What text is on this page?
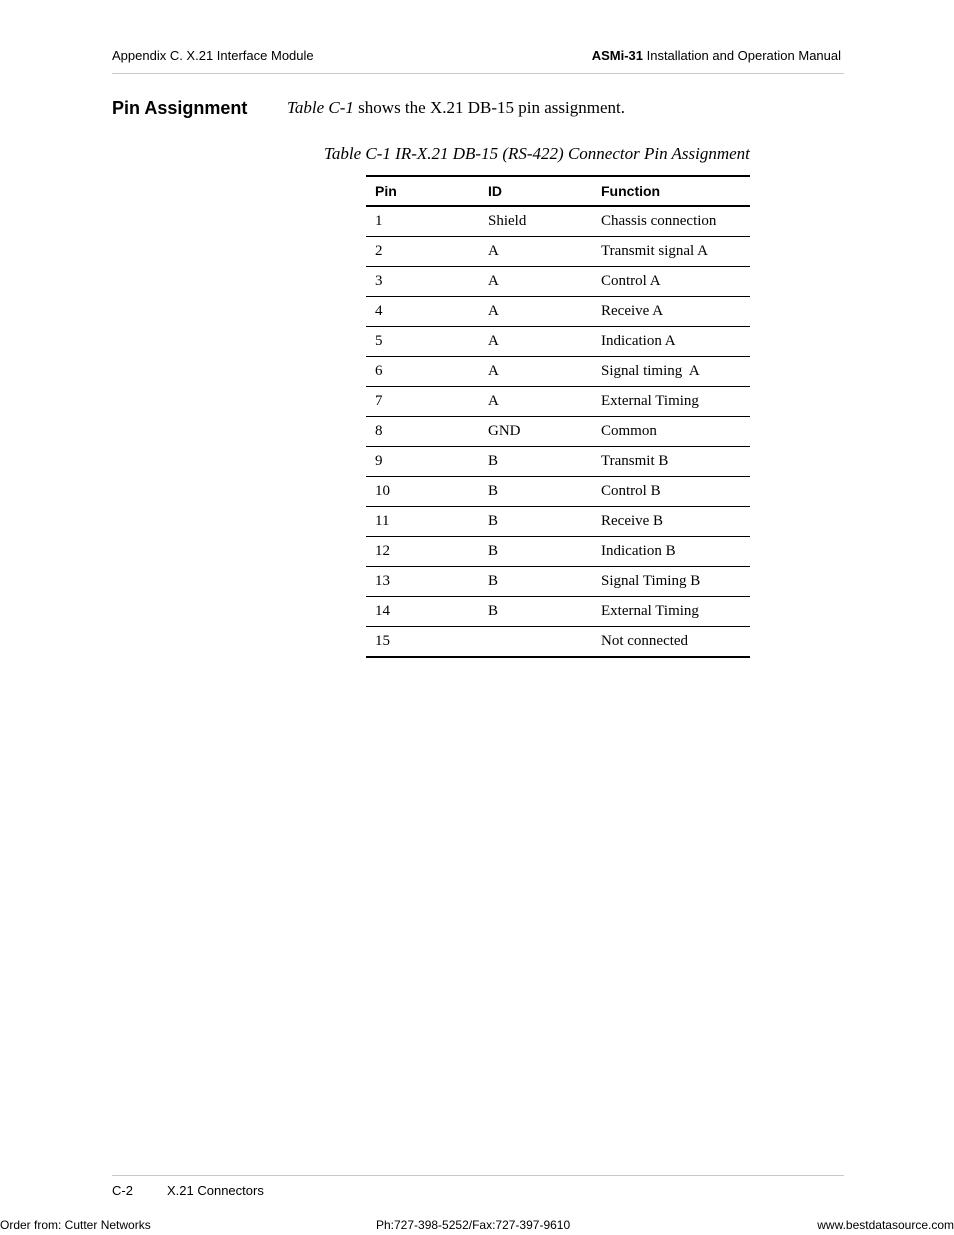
Appendix C. X.21 Interface Module	ASMi-31 Installation and Operation Manual
Pin Assignment Table C-1 shows the X.21 DB-15 pin assignment.
Table C-1 IR-X.21 DB-15 (RS-422) Connector Pin Assignment
Pin	ID	Function
1	Shield	Chassis connection
2	A	Transmit signal A
3	A	Control A
4	A	Receive A
5	A	Indication A
6	A	Signal timing  A
7	A	External Timing
8	GND	Common
9	B	Transmit B
10	B	Control B
11	B	Receive B
12	B	Indication B
13	B	Signal Timing B
14	B	External Timing
15		Not connected
C-2	X.21 Connectors
Order from: Cutter Networks	Ph:727-398-5252/Fax:727-397-9610	www.bestdatasource.com
